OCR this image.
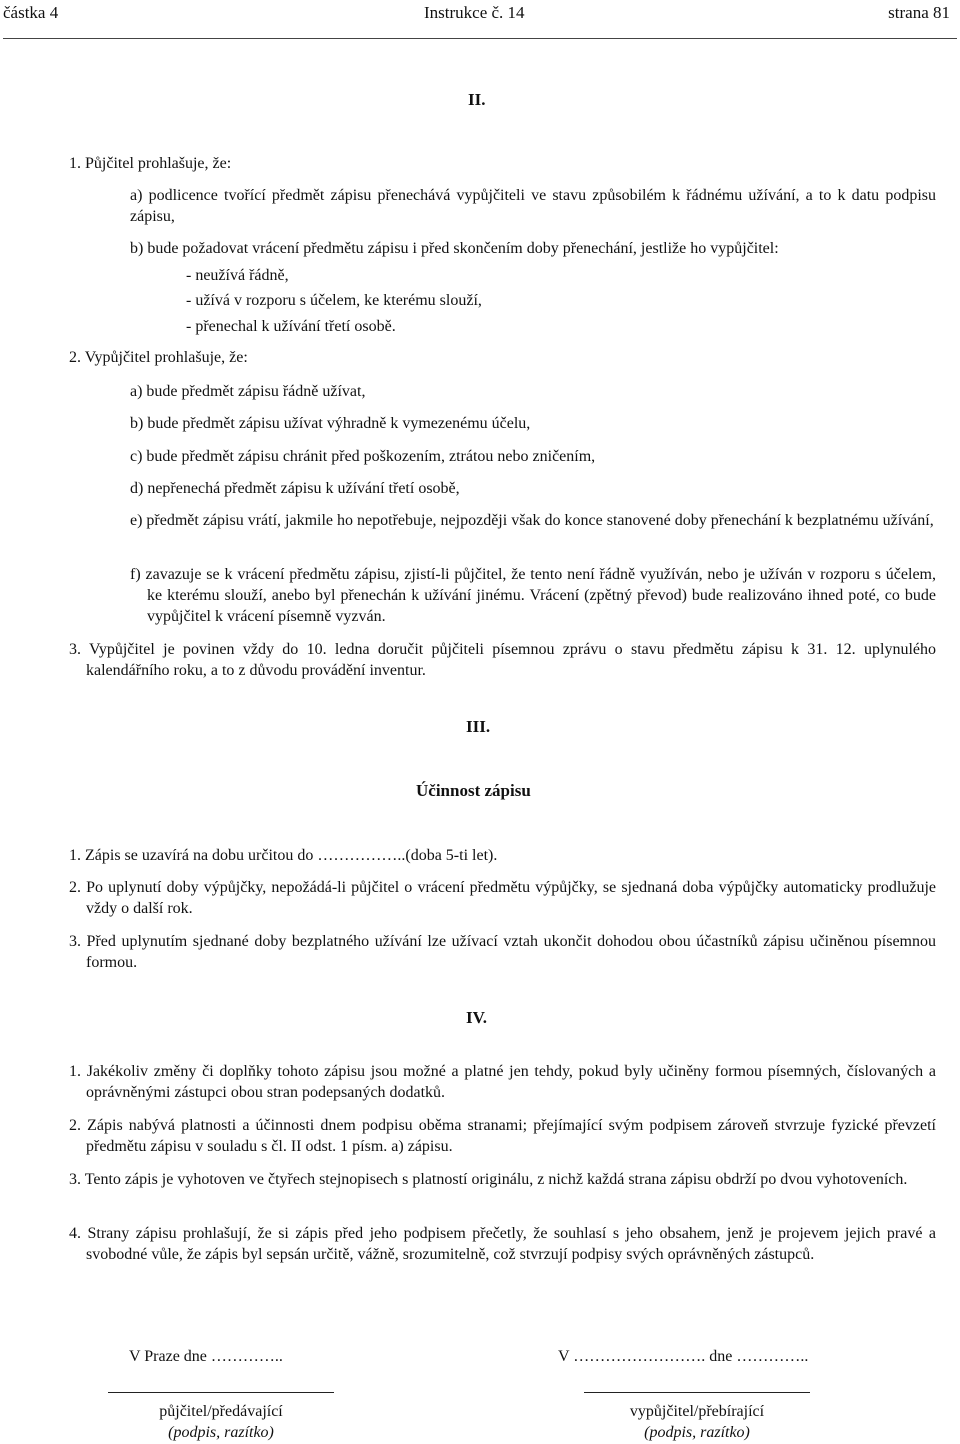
částka 4	Instrukce č. 14	strana 81
II.
1. Půjčitel prohlašuje, že:
a) podlicence tvořící předmět zápisu přenechává vypůjčiteli ve stavu způsobilém k řádnému užívání, a to k datu podpisu zápisu,
b) bude požadovat vrácení předmětu zápisu i před skončením doby přenechání, jestliže ho vypůjčitel:
- neužívá řádně,
- užívá v rozporu s účelem, ke kterému slouží,
- přenechal k užívání třetí osobě.
2. Vypůjčitel prohlašuje, že:
a) bude předmět zápisu řádně užívat,
b) bude předmět zápisu užívat výhradně k vymezenému účelu,
c) bude předmět zápisu chránit před poškozením, ztrátou nebo zničením,
d) nepřenechá předmět zápisu k užívání třetí osobě,
e) předmět zápisu vrátí, jakmile ho nepotřebuje, nejpozději však do konce stanovené doby přenechání k bezplatnému užívání,
f) zavazuje se k vrácení předmětu zápisu, zjistí-li půjčitel, že tento není řádně využíván, nebo je užíván v rozporu s účelem, ke kterému slouží, anebo byl přenechán k užívání jinému. Vrácení (zpětný převod) bude realizováno ihned poté, co bude vypůjčitel k vrácení písemně vyzván.
3. Vypůjčitel je povinen vždy do 10. ledna doručit půjčiteli písemnou zprávu o stavu předmětu zápisu k 31. 12. uplynulého kalendářního roku, a to z důvodu provádění inventur.
III.
Účinnost zápisu
1. Zápis se uzavírá na dobu určitou do ……………..(doba 5-ti let).
2. Po uplynutí doby výpůjčky, nepožádá-li půjčitel o vrácení předmětu výpůjčky, se sjednaná doba výpůjčky automaticky prodlužuje vždy o další rok.
3. Před uplynutím sjednané doby bezplatného užívání lze užívací vztah ukončit dohodou obou účastníků zápisu učiněnou písemnou formou.
IV.
1. Jakékoliv změny či doplňky tohoto zápisu jsou možné a platné jen tehdy, pokud byly učiněny formou písemných, číslovaných a oprávněnými zástupci obou stran podepsaných dodatků.
2. Zápis nabývá platnosti a účinnosti dnem podpisu oběma stranami; přejímající svým podpisem zároveň stvrzuje fyzické převzetí předmětu zápisu v souladu s čl. II odst. 1 písm. a) zápisu.
3. Tento zápis je vyhotoven ve čtyřech stejnopisech s platností originálu, z nichž každá strana zápisu obdrží po dvou vyhotoveních.
4. Strany zápisu prohlašují, že si zápis před jeho podpisem přečetly, že souhlasí s jeho obsahem, jenž je projevem jejich pravé a svobodné vůle, že zápis byl sepsán určitě, vážně, srozumitelně, což stvrzují podpisy svých oprávněných zástupců.
V Praze dne …………..	V ……………………. dne …………..
půjčitel/předávající
(podpis, razítko)
vypůjčitel/přebírající
(podpis, razítko)
